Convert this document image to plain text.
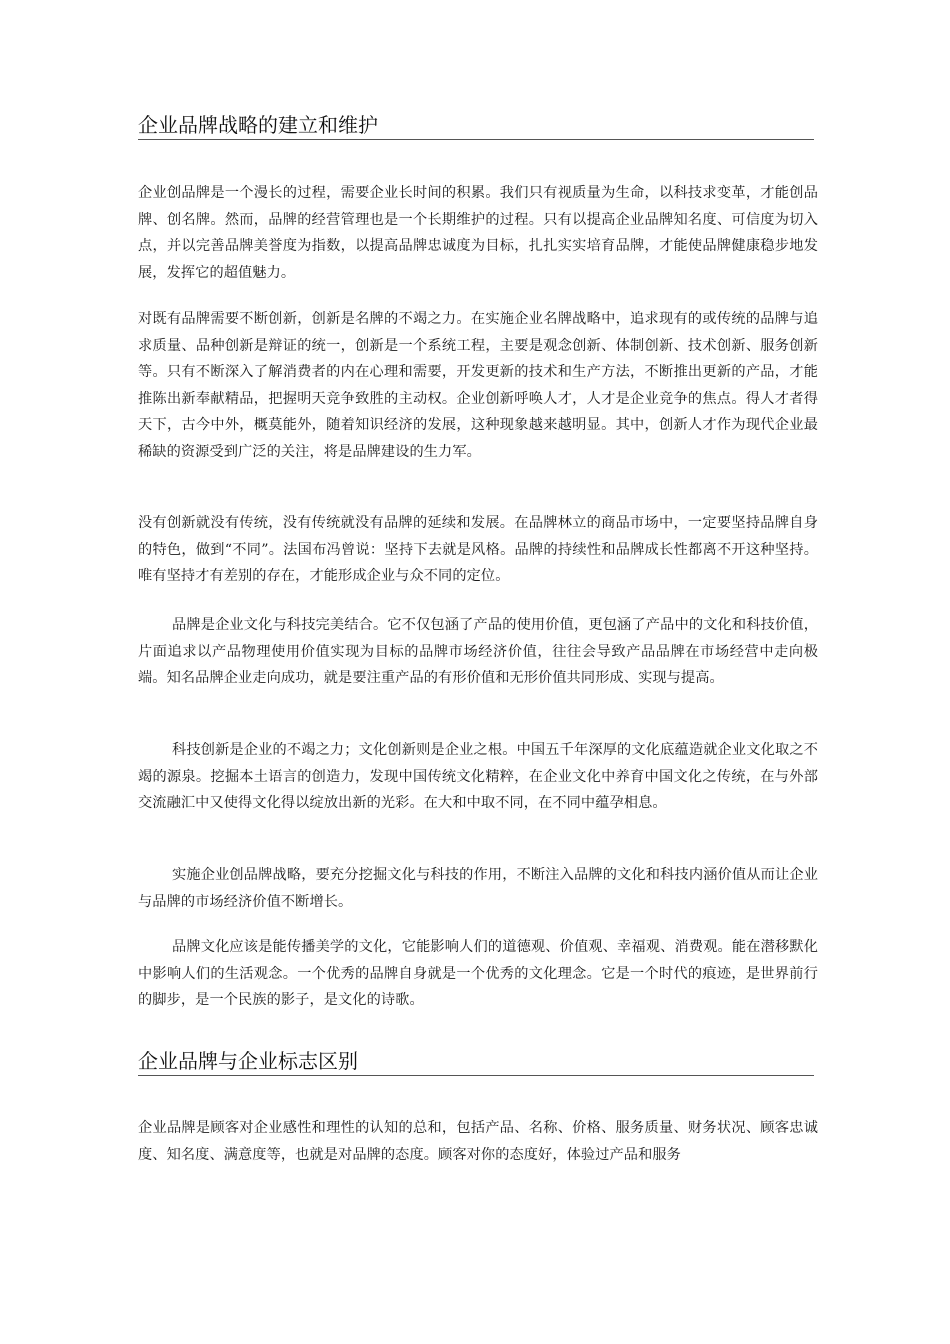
企业品牌战略的建立和维护

企业创品牌是一个漫长的过程，需要企业长时间的积累。我们只有视质量为生命，以科技求变革，才能创品牌、创名牌。然而，品牌的经营管理也是一个长期维护的过程。只有以提高企业品牌知名度、可信度为切入点，并以完善品牌美誉度为指数，以提高品牌忠诚度为目标，扎扎实实培育品牌，才能使品牌健康稳步地发展，发挥它的超值魅力。

对既有品牌需要不断创新，创新是名牌的不竭之力。在实施企业名牌战略中，追求现有的或传统的品牌与追求质量、品种创新是辩证的统一，创新是一个系统工程，主要是观念创新、体制创新、技术创新、服务创新等。只有不断深入了解消费者的内在心理和需要，开发更新的技术和生产方法，不断推出更新的产品，才能推陈出新奉献精品，把握明天竞争致胜的主动权。企业创新呼唤人才，人才是企业竞争的焦点。得人才者得天下，古今中外，概莫能外，随着知识经济的发展，这种现象越来越明显。其中，创新人才作为现代企业最稀缺的资源受到广泛的关注，将是品牌建设的生力军。

没有创新就没有传统，没有传统就没有品牌的延续和发展。在品牌林立的商品市场中，一定要坚持品牌自身的特色，做到“不同”。法国布冯曾说：坚持下去就是风格。品牌的持续性和品牌成长性都离不开这种坚持。唯有坚持才有差别的存在，才能形成企业与众不同的定位。

品牌是企业文化与科技完美结合。它不仅包涵了产品的使用价值，更包涵了产品中的文化和科技价值，片面追求以产品物理使用价值实现为目标的品牌市场经济价值，往往会导致产品品牌在市场经营中走向极端。知名品牌企业走向成功，就是要注重产品的有形价值和无形价值共同形成、实现与提高。

科技创新是企业的不竭之力；文化创新则是企业之根。中国五千年深厚的文化底蕴造就企业文化取之不竭的源泉。挖掘本土语言的创造力，发现中国传统文化精粹，在企业文化中养育中国文化之传统，在与外部交流融汇中又使得文化得以绽放出新的光彩。在大和中取不同，在不同中蕴孕相息。

实施企业创品牌战略，要充分挖掘文化与科技的作用，不断注入品牌的文化和科技内涵价值从而让企业与品牌的市场经济价值不断增长。

品牌文化应该是能传播美学的文化，它能影响人们的道德观、价值观、幸福观、消费观。能在潜移默化中影响人们的生活观念。一个优秀的品牌自身就是一个优秀的文化理念。它是一个时代的痕迹，是世界前行的脚步，是一个民族的影子，是文化的诗歌。

企业品牌与企业标志区别

企业品牌是顾客对企业感性和理性的认知的总和，包括产品、名称、价格、服务质量、财务状况、顾客忠诚度、知名度、满意度等，也就是对品牌的态度。顾客对你的态度好，体验过产品和服务
